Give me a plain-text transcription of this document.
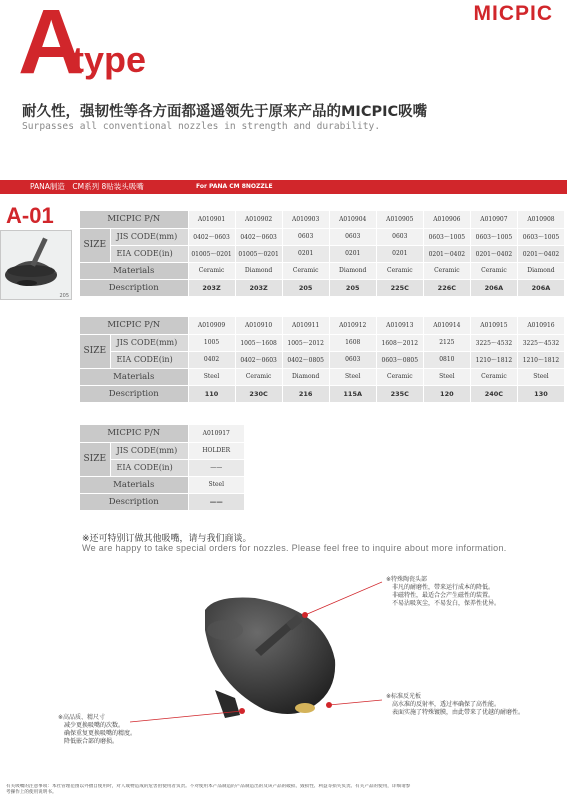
MICPIC
A
type
耐久性，强韧性等各方面都遥遥领先于原来产品的MICPIC吸嘴
Surpasses all conventional nozzles in strength and durability.
PANA制造　CM系列 8贴装头吸嘴	For PANA CM 8NOZZLE
A-01
205
MICPIC P/N		A010901	A010902	A010903	A010904	A010905	A010906	A010907	A010908
SIZE	JIS CODE(mm)	0402～0603	0402～0603	0603	0603	0603	0603～1005	0603～1005	0603～1005
	EIA CODE(in)	01005～0201	01005～0201	0201	0201	0201	0201～0402	0201～0402	0201～0402
Materials		Ceramic	Diamond	Ceramic	Diamond	Ceramic	Ceramic	Ceramic	Diamond
Description		203Z	203Z	205	205	225C	226C	206A	206A
MICPIC P/N		A010909	A010910	A010911	A010912	A010913	A010914	A010915	A010916
SIZE	JIS CODE(mm)	1005	1005～1608	1005～2012	1608	1608～2012	2125	3225～4532	3225～4532
	EIA CODE(in)	0402	0402～0603	0402～0805	0603	0603～0805	0810	1210～1812	1210～1812
Materials		Steel	Ceramic	Diamond	Steel	Ceramic	Steel	Ceramic	Steel
Description		110	230C	216	115A	235C	120	240C	130
MICPIC P/N		A010917
SIZE	JIS CODE(mm)	HOLDER
	EIA CODE(in)	——
Materials		Steel
Description		——
※还可特别订做其他吸嘴，请与我们商谈。
We are happy to take special orders for nozzles. Please feel free to inquire about more information.
※特殊陶瓷头部
非凡的耐磨性，带来运行成本的降低。
非磁特性，最适合会产生磁性的装置。
不易沾吸灰尘，不易发白，保养性优异。
※标准反光板
高水准的反射率，透过率确保了高性能。
表面实施了特殊镀膜，由此带来了优越的耐磨性。
※高品质、精尺寸
减少更换吸嘴的次数。
确保重复更换吸嘴的精度。
降低嵌合部的磨损。
有关吸嘴的注意事项：本社管理范围以外擅自使用时，对人或物造成的危害由使用者负责。不对使用本产品制造的产品制造出的及该产品的破损、毁损性、利益等损失负责。有关产品的使用，详细请参
考操作上的使用说明书。
